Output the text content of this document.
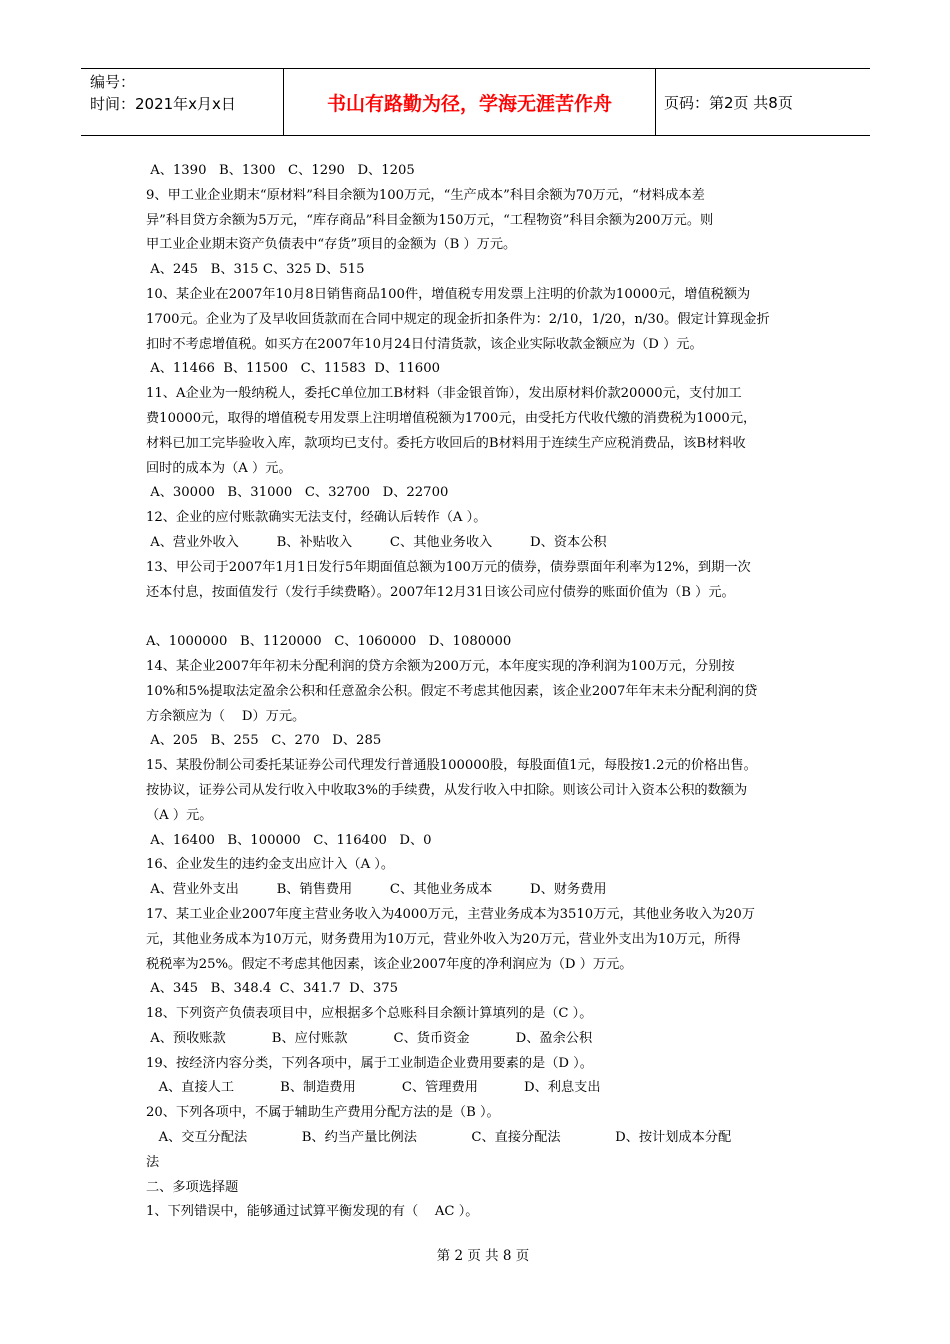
编号：
时间：2021年x月x日	书山有路勤为径，学海无涯苦作舟	页码：第2页 共8页
A、1390   B、1300   C、1290   D、1205
9、甲工业企业期末“原材料”科目余额为100万元，“生产成本”科目余额为70万元，“材料成本差
异”科目贷方余额为5万元，“库存商品”科目金额为150万元，“工程物资”科目余额为200万元。则
甲工业企业期末资产负债表中“存货”项目的金额为（B ）万元。
A、245   B、315 C、325 D、515
10、某企业在2007年10月8日销售商品100件，增值税专用发票上注明的价款为10000元，增值税额为
1700元。企业为了及早收回货款而在合同中规定的现金折扣条件为：2/10，1/20，n/30。假定计算现金折
扣时不考虑增值税。如买方在2007年10月24日付清货款，该企业实际收款金额应为（D ）元。
A、11466  B、11500   C、11583  D、11600
11、A企业为一般纳税人，委托C单位加工B材料（非金银首饰），发出原材料价款20000元，支付加工
费10000元，取得的增值税专用发票上注明增值税额为1700元，由受托方代收代缴的消费税为1000元，
材料已加工完毕验收入库，款项均已支付。委托方收回后的B材料用于连续生产应税消费品，该B材料收
回时的成本为（A ）元。
A、30000   B、31000   C、32700   D、22700
12、企业的应付账款确实无法支付，经确认后转作（A ）。
A、营业外收入         B、补贴收入         C、其他业务收入         D、资本公积
13、甲公司于2007年1月1日发行5年期面值总额为100万元的债券，债券票面年利率为12%，到期一次
还本付息，按面值发行（发行手续费略）。2007年12月31日该公司应付债券的账面价值为（B ）元。
A、1000000   B、1120000   C、1060000   D、1080000
14、某企业2007年年初未分配利润的贷方余额为200万元，本年度实现的净利润为100万元，分别按
10%和5%提取法定盈余公积和任意盈余公积。假定不考虑其他因素，该企业2007年年末未分配利润的贷
方余额应为（    D）万元。
A、205   B、255   C、270   D、285
15、某股份制公司委托某证券公司代理发行普通股100000股，每股面值1元，每股按1.2元的价格出售。
按协议，证券公司从发行收入中收取3%的手续费，从发行收入中扣除。则该公司计入资本公积的数额为
（A ）元。
A、16400   B、100000   C、116400   D、0
16、企业发生的违约金支出应计入（A ）。
A、营业外支出         B、销售费用         C、其他业务成本         D、财务费用
17、某工业企业2007年度主营业务收入为4000万元，主营业务成本为3510万元，其他业务收入为20万
元，其他业务成本为10万元，财务费用为10万元，营业外收入为20万元，营业外支出为10万元，所得
税税率为25%。假定不考虑其他因素，该企业2007年度的净利润应为（D ）万元。
A、345   B、348.4  C、341.7  D、375
18、下列资产负债表项目中，应根据多个总账科目余额计算填列的是（C ）。
A、预收账款           B、应付账款           C、货币资金           D、盈余公积
19、按经济内容分类，下列各项中，属于工业制造企业费用要素的是（D ）。
A、直接人工           B、制造费用           C、管理费用           D、利息支出
20、下列各项中，不属于辅助生产费用分配方法的是（B ）。
A、交互分配法             B、约当产量比例法             C、直接分配法             D、按计划成本分配
法
二、多项选择题
1、下列错误中，能够通过试算平衡发现的有（    AC ）。
第 2 页 共 8 页
